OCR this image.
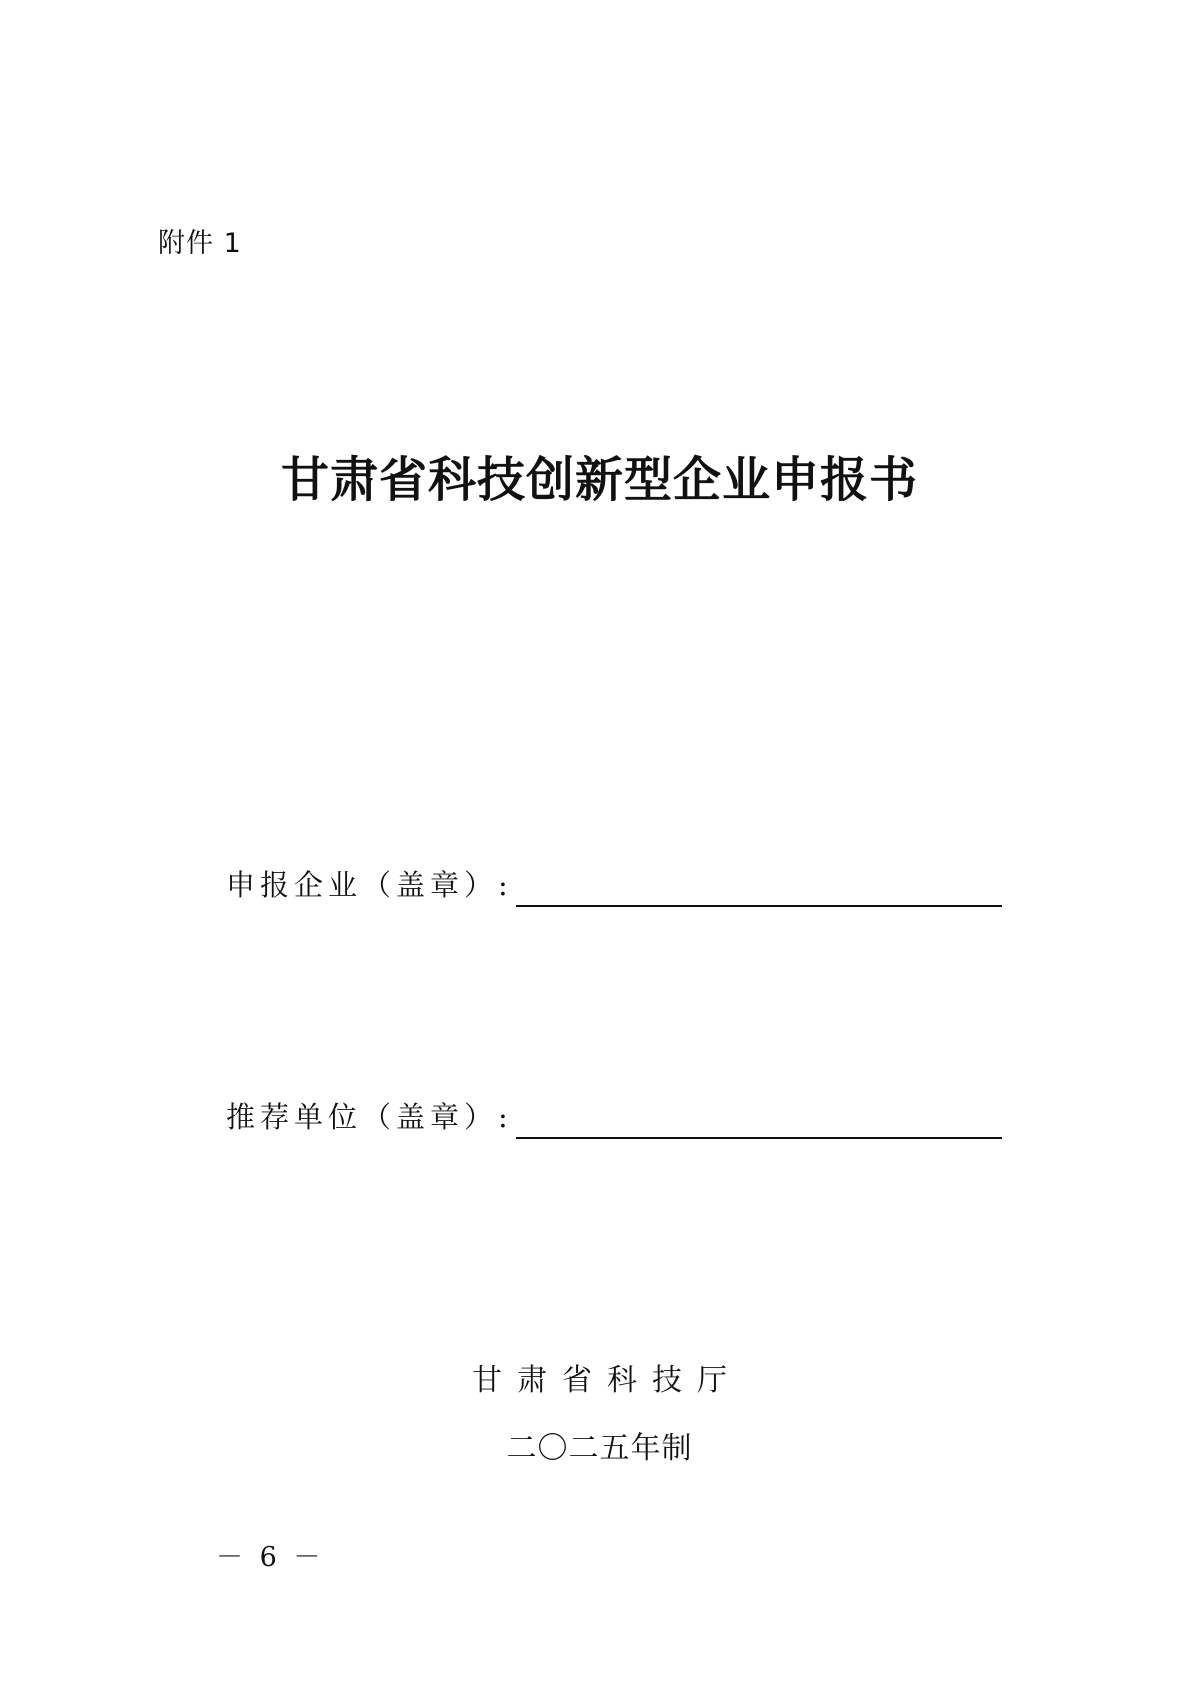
附件 1
甘肃省科技创新型企业申报书
申报企业（盖章）:
推荐单位（盖章）:
甘肃省科技厅
二〇二五年制
－ 6 －
